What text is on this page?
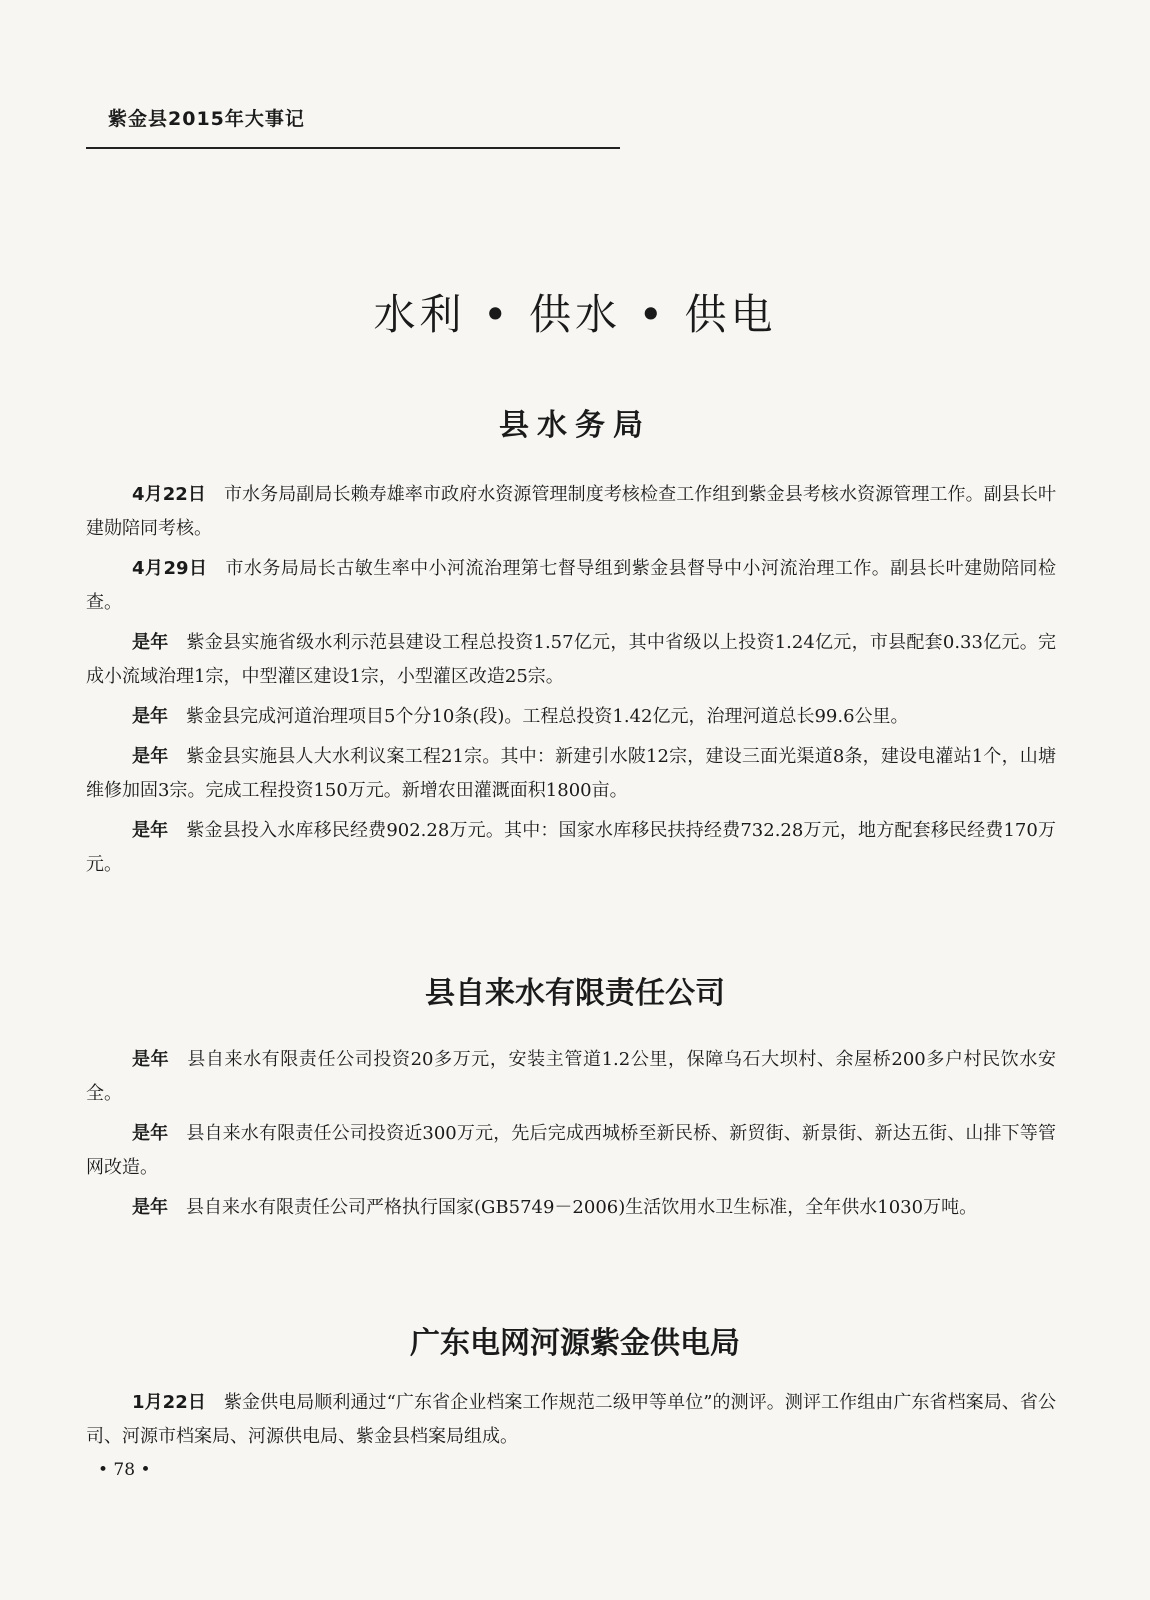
紫金县2015年大事记
水利 • 供水 • 供电
县水务局

4月22日 市水务局副局长赖寿雄率市政府水资源管理制度考核检查工作组到紫金县考核水资源管理工作。副县长叶建勋陪同考核。

4月29日 市水务局局长古敏生率中小河流治理第七督导组到紫金县督导中小河流治理工作。副县长叶建勋陪同检查。

是年 紫金县实施省级水利示范县建设工程总投资1.57亿元，其中省级以上投资1.24亿元，市县配套0.33亿元。完成小流域治理1宗，中型灌区建设1宗，小型灌区改造25宗。

是年 紫金县完成河道治理项目5个分10条(段)。工程总投资1.42亿元，治理河道总长99.6公里。

是年 紫金县实施县人大水利议案工程21宗。其中：新建引水陂12宗，建设三面光渠道8条，建设电灌站1个，山塘维修加固3宗。完成工程投资150万元。新增农田灌溉面积1800亩。

是年 紫金县投入水库移民经费902.28万元。其中：国家水库移民扶持经费732.28万元，地方配套移民经费170万元。

县自来水有限责任公司

是年 县自来水有限责任公司投资20多万元，安装主管道1.2公里，保障乌石大坝村、余屋桥200多户村民饮水安全。

是年 县自来水有限责任公司投资近300万元，先后完成西城桥至新民桥、新贸街、新景街、新达五街、山排下等管网改造。

是年 县自来水有限责任公司严格执行国家(GB5749－2006)生活饮用水卫生标准，全年供水1030万吨。

广东电网河源紫金供电局

1月22日 紫金供电局顺利通过“广东省企业档案工作规范二级甲等单位”的测评。测评工作组由广东省档案局、省公司、河源市档案局、河源供电局、紫金县档案局组成。

• 78 •
